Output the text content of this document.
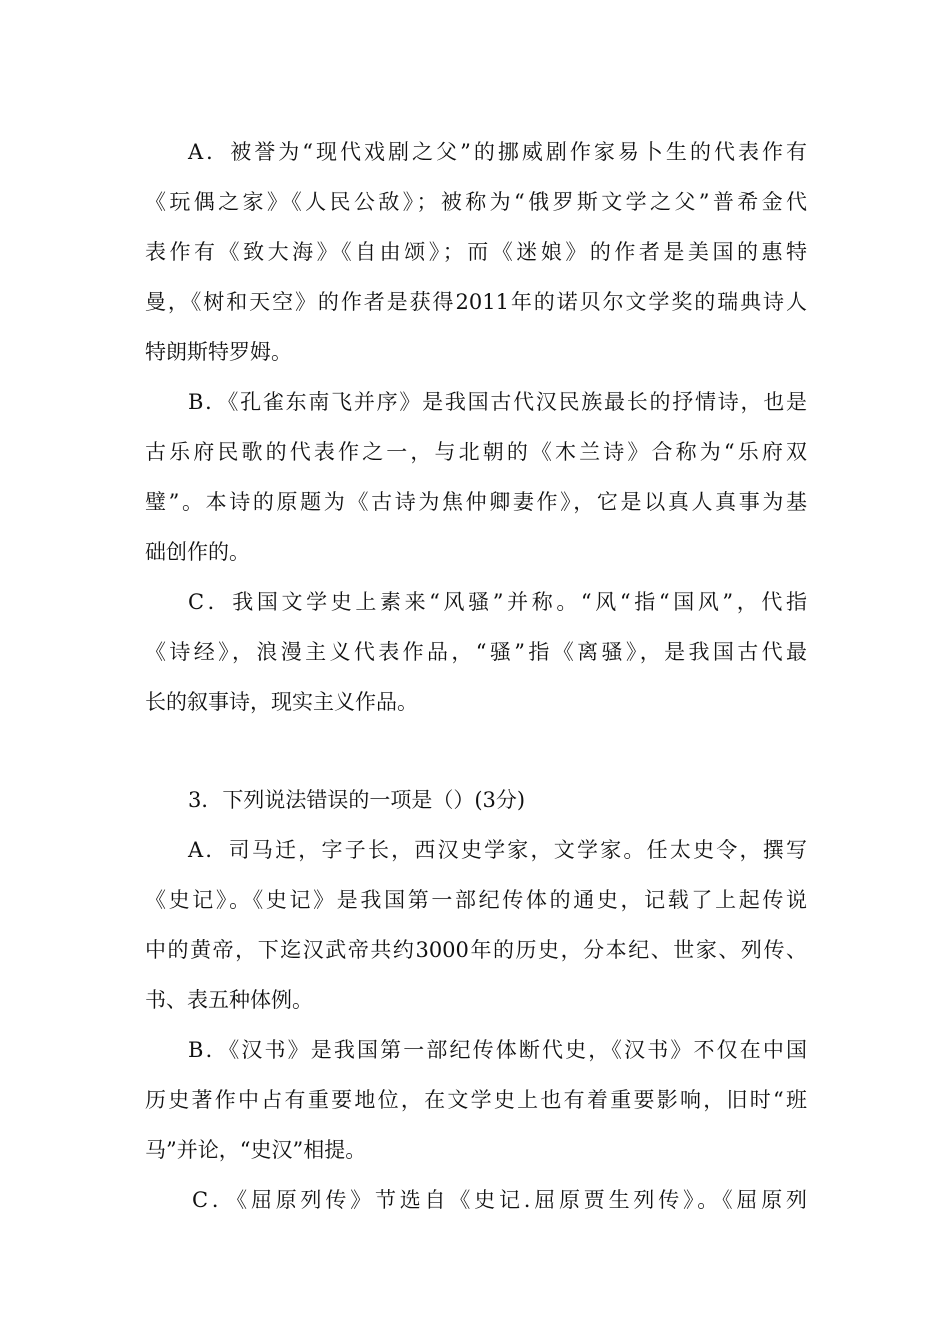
A．被誉为“现代戏剧之父”的挪威剧作家易卜生的代表作有
《玩偶之家》《人民公敌》；被称为“俄罗斯文学之父”普希金代
表作有《致大海》《自由颂》；而《迷娘》的作者是美国的惠特
曼，《树和天空》的作者是获得2011年的诺贝尔文学奖的瑞典诗人
特朗斯特罗姆。
B．《孔雀东南飞并序》是我国古代汉民族最长的抒情诗，也是
古乐府民歌的代表作之一，与北朝的《木兰诗》合称为“乐府双
璧”。本诗的原题为《古诗为焦仲卿妻作》，它是以真人真事为基
础创作的。
C．我国文学史上素来“风骚”并称。“风“指“国风”，代指
《诗经》，浪漫主义代表作品，“骚”指《离骚》，是我国古代最
长的叙事诗，现实主义作品。
3．下列说法错误的一项是（）(3分)
A．司马迁，字子长，西汉史学家，文学家。任太史令，撰写
《史记》。《史记》是我国第一部纪传体的通史，记载了上起传说
中的黄帝，下迄汉武帝共约3000年的历史，分本纪、世家、列传、
书、表五种体例。
B．《汉书》是我国第一部纪传体断代史，《汉书》不仅在中国
历史著作中占有重要地位，在文学史上也有着重要影响，旧时“班
马”并论，“史汉”相提。
C．《屈原列传》节选自《史记.屈原贾生列传》。《屈原列
